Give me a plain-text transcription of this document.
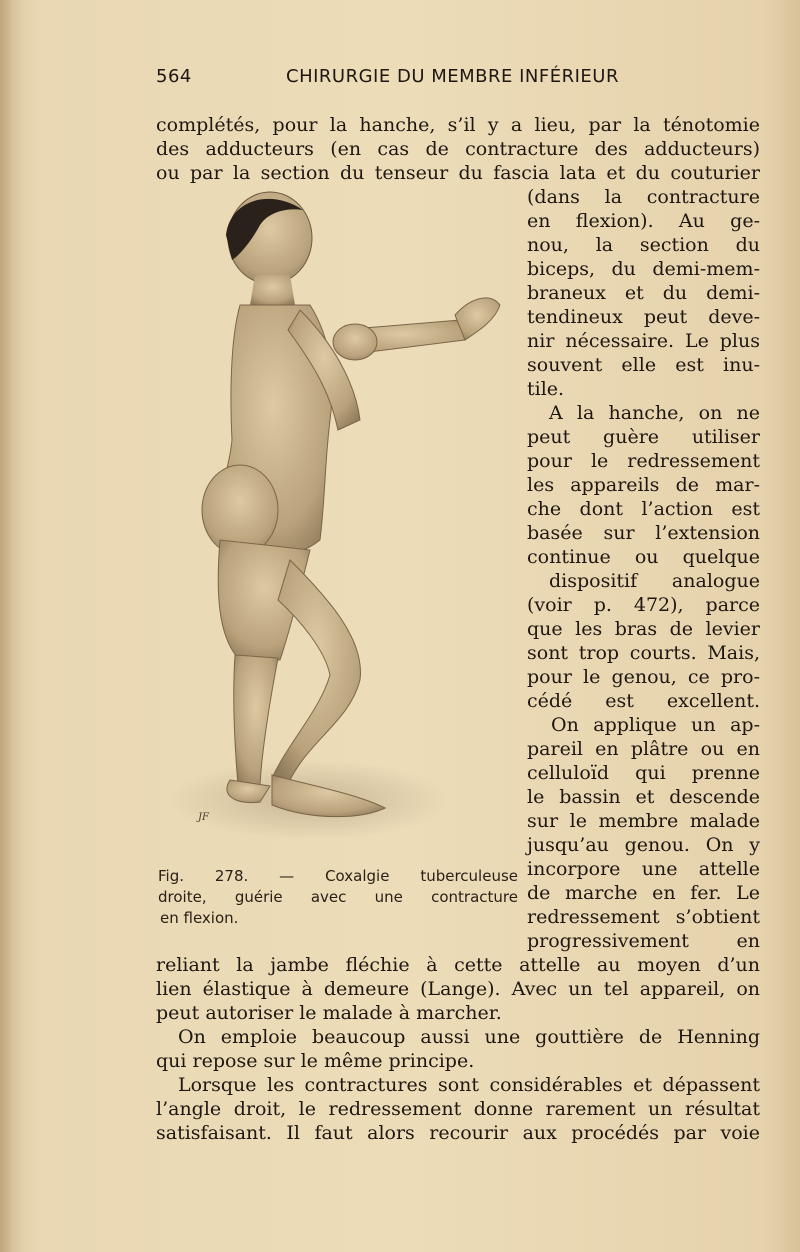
564	CHIRURGIE DU MEMBRE INFÉRIEUR
complétés, pour la hanche, s’il y a lieu, par la ténotomie
des adducteurs (en cas de contracture des adducteurs)
ou par la section du tenseur du fascia lata et du couturier
(dans la contracture
en flexion). Au ge-
nou, la section du
biceps, du demi-mem-
braneux et du demi-
tendineux peut deve-
nir nécessaire. Le plus
souvent elle est inu-
tile.
A la hanche, on ne
peut guère utiliser
pour le redressement
les appareils de mar-
che dont l’action est
basée sur l’extension
continue ou quelque
dispositif analogue
(voir p. 472), parce
que les bras de levier
sont trop courts. Mais,
pour le genou, ce pro-
cédé est excellent.
On applique un ap-
pareil en plâtre ou en
celluloïd qui prenne
le bassin et descende
sur le membre malade
jusqu’au genou. On y
incorpore une attelle
de marche en fer. Le
redressement s’obtient
progressivement en
reliant la jambe fléchie à cette attelle au moyen d’un
lien élastique à demeure (Lange). Avec un tel appareil, on
peut autoriser le malade à marcher.
On emploie beaucoup aussi une gouttière de Henning
qui repose sur le même principe.
Lorsque les contractures sont considérables et dépassent
l’angle droit, le redressement donne rarement un résultat
satisfaisant. Il faut alors recourir aux procédés par voie
JF
Fig. 278. — Coxalgie tuberculeuse
droite, guérie avec une contracture
en flexion.
